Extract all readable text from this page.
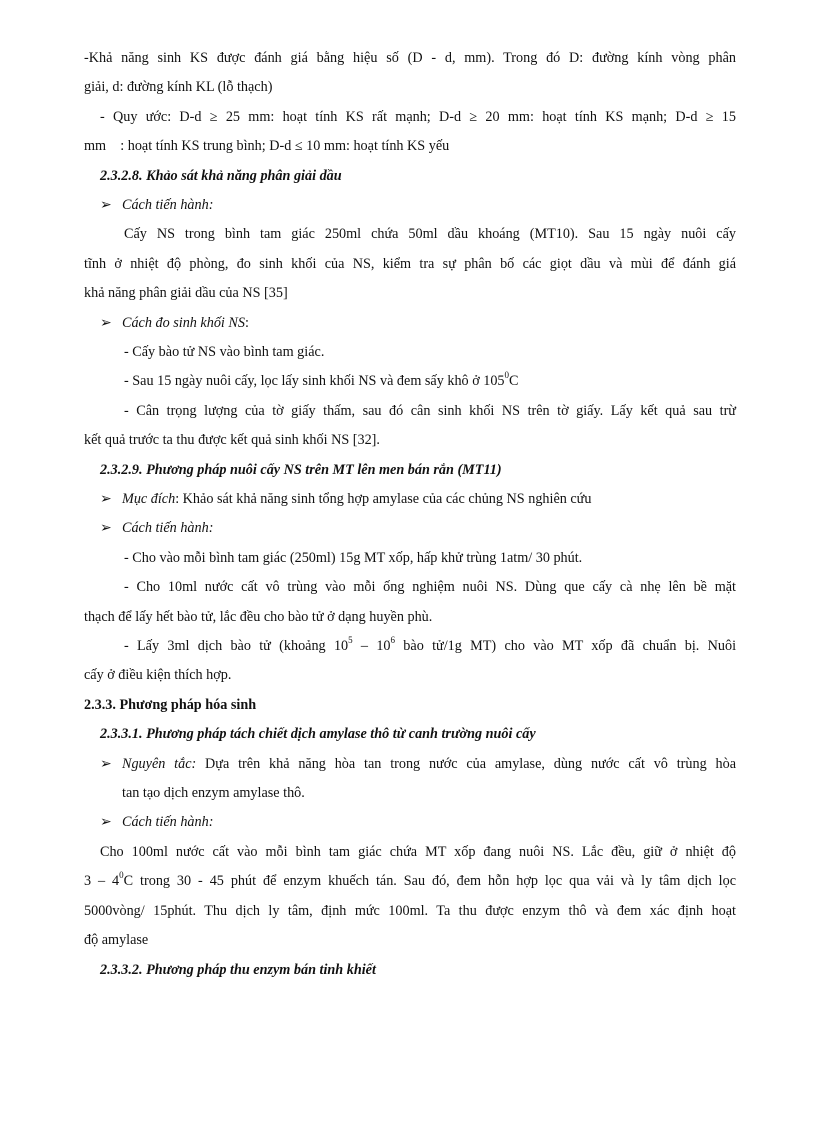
-Khả năng sinh KS được đánh giá bằng hiệu số (D - d, mm). Trong đó D: đường kính vòng phân
giải, d: đường kính KL (lỗ thạch)
- Quy ước: D-d ≥ 25 mm: hoạt tính KS rất mạnh; D-d ≥ 20 mm: hoạt tính KS mạnh; D-d ≥ 15
mm    : hoạt tính KS trung bình; D-d ≤ 10 mm: hoạt tính KS yếu
2.3.2.8. Khảo sát khả năng phân giải dầu
➢ Cách tiến hành:
Cấy NS trong bình tam giác 250ml chứa 50ml dầu khoáng (MT10). Sau 15 ngày nuôi cấy
tĩnh ở nhiệt độ phòng, đo sinh khối của NS, kiểm tra sự phân bố các giọt dầu và mùi để đánh giá
khả năng phân giải dầu của NS [35]
➢ Cách đo sinh khối NS:
- Cấy bào tử NS vào bình tam giác.
- Sau 15 ngày nuôi cấy, lọc lấy sinh khối NS và đem sấy khô ở $105^0C$
- Cân trọng lượng của tờ giấy thấm, sau đó cân sinh khối NS trên tờ giấy. Lấy kết quả sau trừ
kết quả trước ta thu được kết quả sinh khối NS [32].
2.3.2.9. Phương pháp nuôi cấy NS trên MT lên men bán rắn (MT11)
➢ Mục đích: Khảo sát khả năng sinh tổng hợp amylase của các chủng NS nghiên cứu
➢ Cách tiến hành:
- Cho vào mỗi bình tam giác (250ml) 15g MT xốp, hấp khử trùng 1atm/ 30 phút.
- Cho 10ml nước cất vô trùng vào mỗi ống nghiệm nuôi NS. Dùng que cấy cà nhẹ lên bề mặt
thạch để lấy hết bào tử, lắc đều cho bào tử ở dạng huyền phù.
- Lấy 3ml dịch bào tử (khoảng $10^5 - 10^6$ bào tử/1g MT) cho vào MT xốp đã chuẩn bị. Nuôi
cấy ở điều kiện thích hợp.
2.3.3. Phương pháp hóa sinh
2.3.3.1. Phương pháp tách chiết dịch amylase thô từ canh trường nuôi cấy
➢ Nguyên tắc: Dựa trên khả năng hòa tan trong nước của amylase, dùng nước cất vô trùng hòa
tan tạo dịch enzym amylase thô.
➢ Cách tiến hành:
Cho 100ml nước cất vào mỗi bình tam giác chứa MT xốp đang nuôi NS. Lắc đều, giữ ở nhiệt độ
$3 - 4^0C$ trong 30 - 45 phút để enzym khuếch tán. Sau đó, đem hỗn hợp lọc qua vải và ly tâm dịch lọc
5000vòng/ 15phút. Thu dịch ly tâm, định mức 100ml. Ta thu được enzym thô và đem xác định hoạt
độ amylase
2.3.3.2. Phương pháp thu enzym bán tinh khiết
